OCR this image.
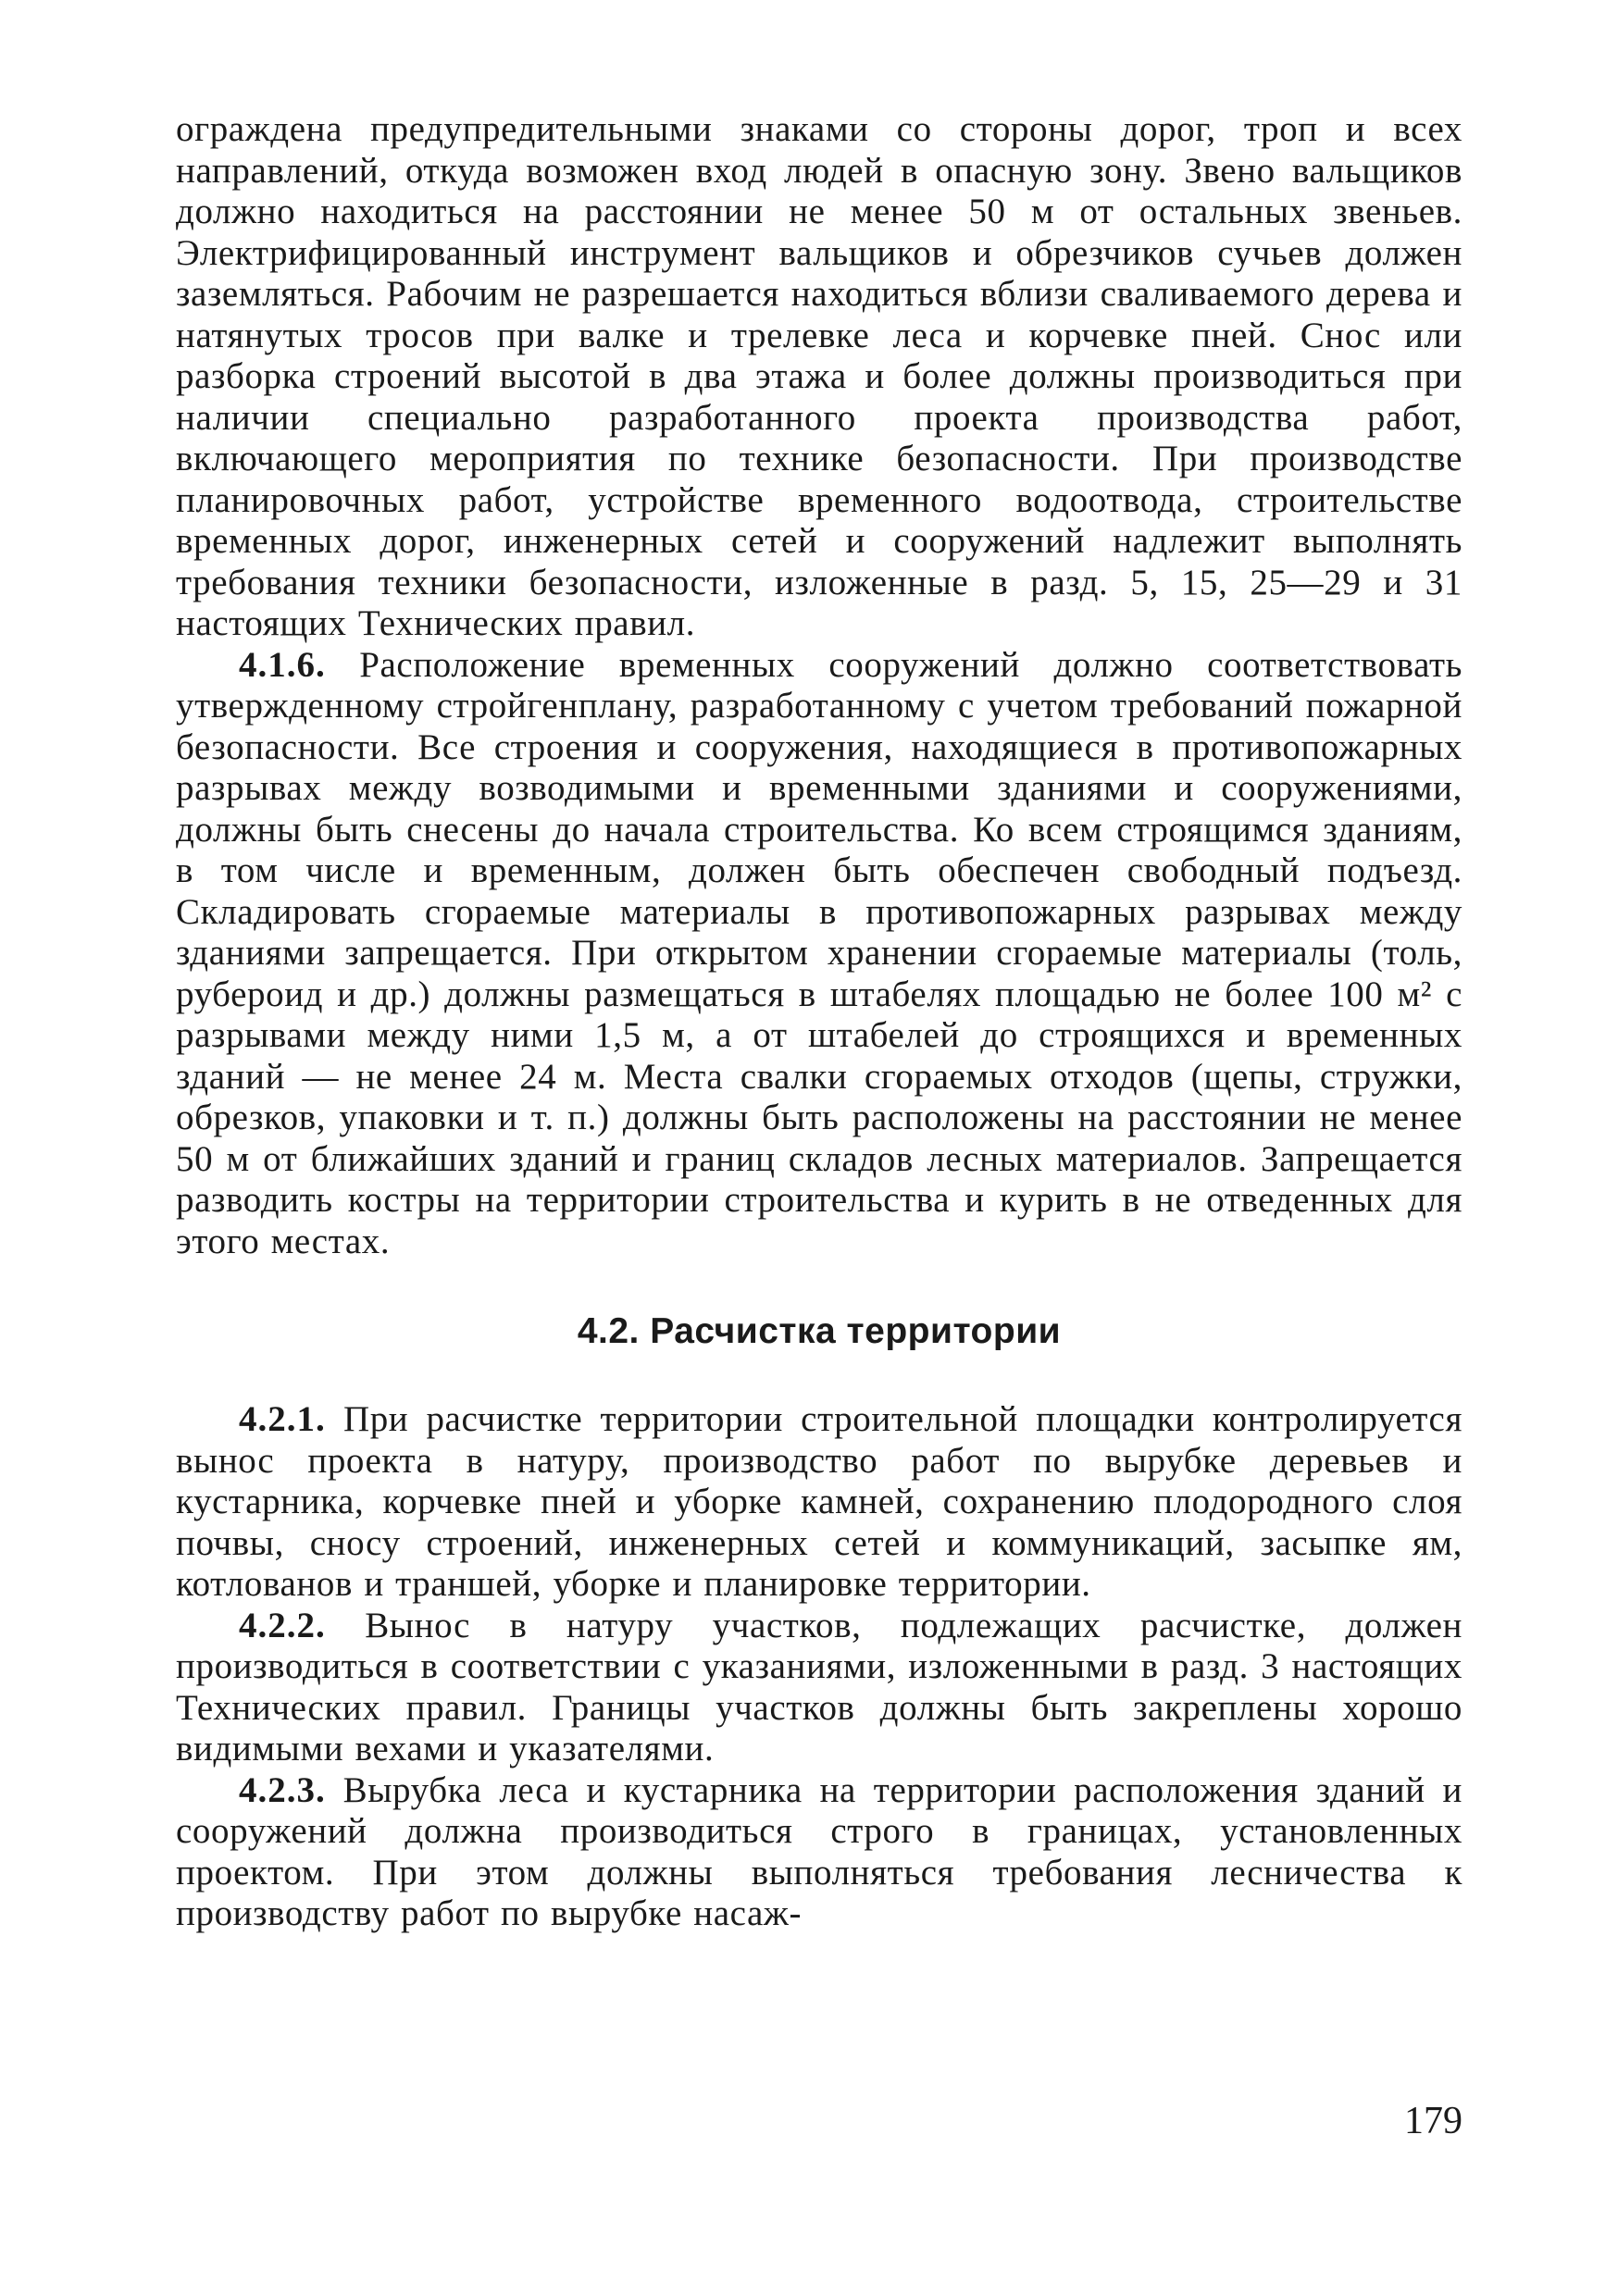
ограждена предупредительными знаками со стороны дорог, троп и всех направлений, откуда возможен вход людей в опасную зону. Звено вальщиков должно находиться на расстоянии не менее 50 м от остальных звеньев. Электрифицированный инструмент вальщиков и обрезчиков сучьев должен заземляться. Рабочим не разрешается находиться вблизи сваливаемого дерева и натянутых тросов при валке и трелевке леса и корчевке пней. Снос или разборка строений высотой в два этажа и более должны производиться при наличии специально разработанного проекта производства работ, включающего мероприятия по технике безопасности. При производстве планировочных работ, устройстве временного водоотвода, строительстве временных дорог, инженерных сетей и сооружений надлежит выполнять требования техники безопасности, изложенные в разд. 5, 15, 25—29 и 31 настоящих Технических правил.

4.1.6. Расположение временных сооружений должно соответствовать утвержденному стройгенплану, разработанному с учетом требований пожарной безопасности. Все строения и сооружения, находящиеся в противопожарных разрывах между возводимыми и временными зданиями и сооружениями, должны быть снесены до начала строительства. Ко всем строящимся зданиям, в том числе и временным, должен быть обеспечен свободный подъезд. Складировать сгораемые материалы в противопожарных разрывах между зданиями запрещается. При открытом хранении сгораемые материалы (толь, рубероид и др.) должны размещаться в штабелях площадью не более 100 м² с разрывами между ними 1,5 м, а от штабелей до строящихся и временных зданий — не менее 24 м. Места свалки сгораемых отходов (щепы, стружки, обрезков, упаковки и т. п.) должны быть расположены на расстоянии не менее 50 м от ближайших зданий и границ складов лесных материалов. Запрещается разводить костры на территории строительства и курить в не отведенных для этого местах.

4.2. Расчистка территории

4.2.1. При расчистке территории строительной площадки контролируется вынос проекта в натуру, производство работ по вырубке деревьев и кустарника, корчевке пней и уборке камней, сохранению плодородного слоя почвы, сносу строений, инженерных сетей и коммуникаций, засыпке ям, котлованов и траншей, уборке и планировке территории.

4.2.2. Вынос в натуру участков, подлежащих расчистке, должен производиться в соответствии с указаниями, изложенными в разд. 3 настоящих Технических правил. Границы участков должны быть закреплены хорошо видимыми вехами и указателями.

4.2.3. Вырубка леса и кустарника на территории расположения зданий и сооружений должна производиться строго в границах, установленных проектом. При этом должны выполняться требования лесничества к производству работ по вырубке насаж-

179
